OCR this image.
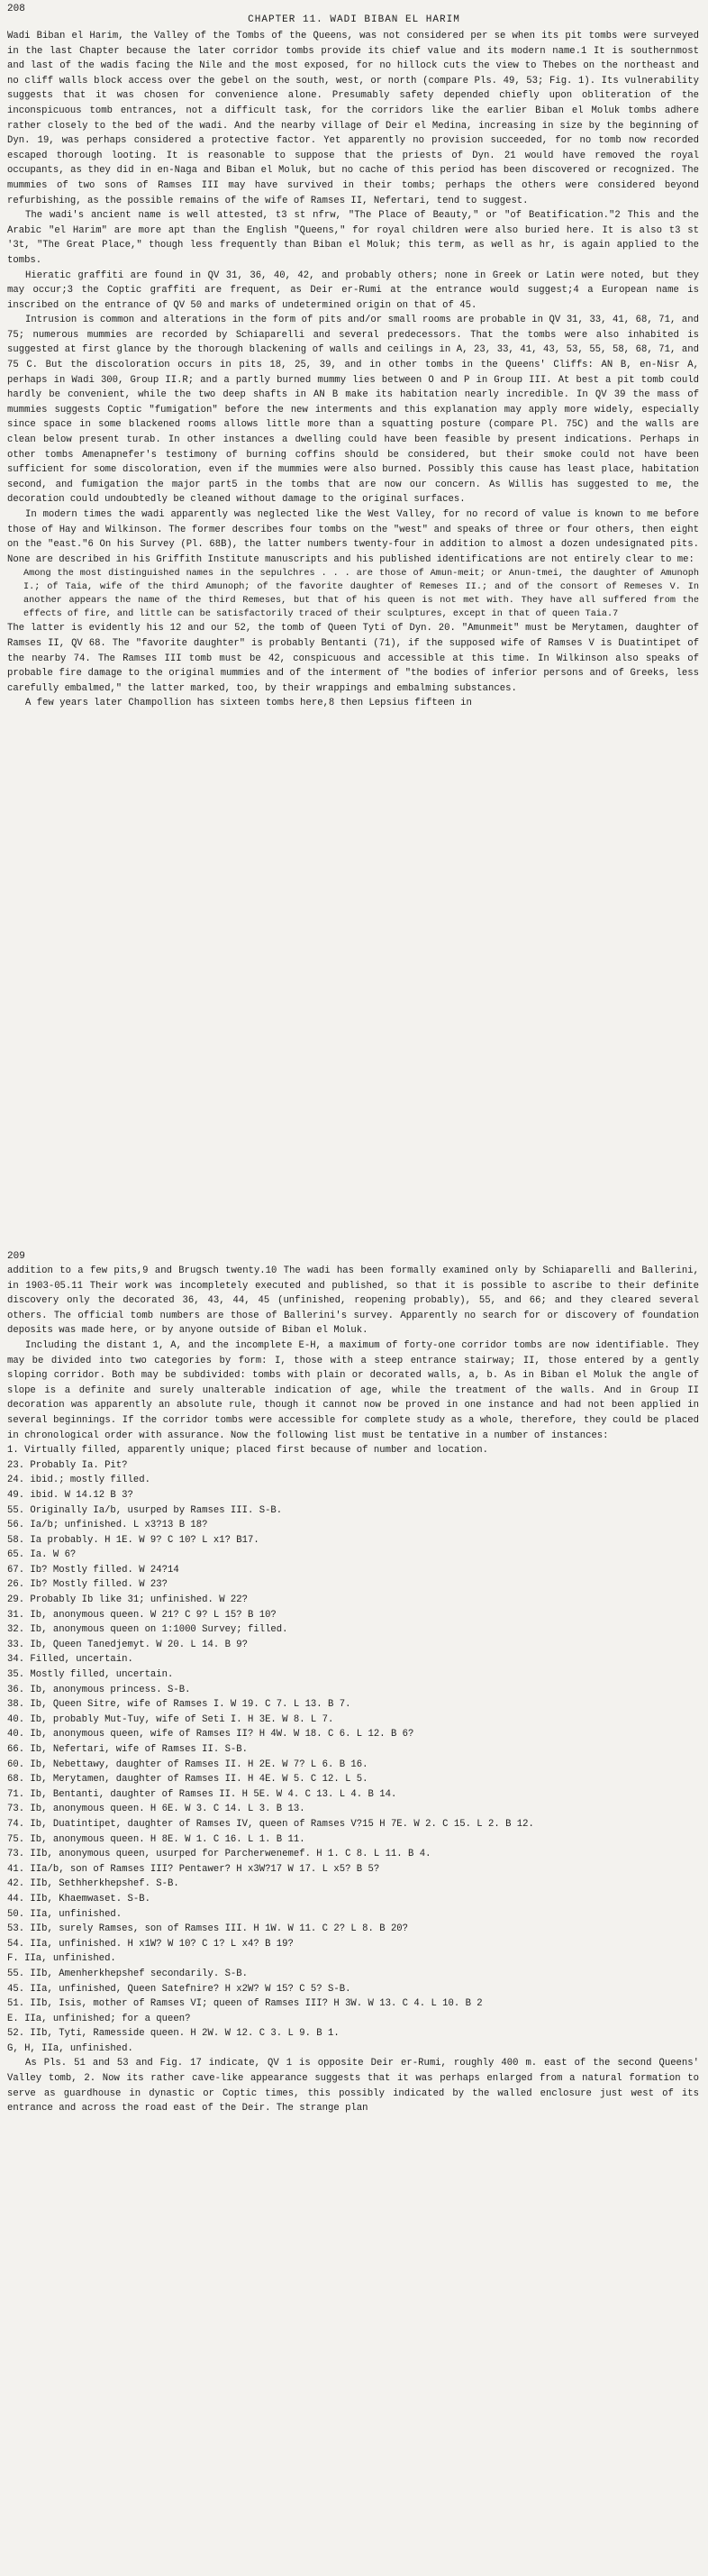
208
CHAPTER 11. WADI BIBAN EL HARIM

Wadi Biban el Harim, the Valley of the Tombs of the Queens, was not considered per se when its pit tombs were surveyed in the last Chapter because the later corridor tombs provide its chief value and its modern name.1 It is southernmost and last of the wadis facing the Nile and the most exposed, for no hillock cuts the view to Thebes on the northeast and no cliff walls block access over the gebel on the south, west, or north (compare Pls. 49, 53; Fig. 1). Its vulnerability suggests that it was chosen for convenience alone. Presumably safety depended chiefly upon obliteration of the inconspicuous tomb entrances, not a difficult task, for the corridors like the earlier Biban el Moluk tombs adhere rather closely to the bed of the wadi. And the nearby village of Deir el Medina, increasing in size by the beginning of Dyn. 19, was perhaps considered a protective factor. Yet apparently no provision succeeded, for no tomb now recorded escaped thorough looting. It is reasonable to suppose that the priests of Dyn. 21 would have removed the royal occupants, as they did in en-Naga and Biban el Moluk, but no cache of this period has been discovered or recognized. The mummies of two sons of Ramses III may have survived in their tombs; perhaps the others were considered beyond refurbishing, as the possible remains of the wife of Ramses II, Nefertari, tend to suggest.

The wadi's ancient name is well attested, t3 st nfrw, "The Place of Beauty," or "of Beatification."2 This and the Arabic "el Harim" are more apt than the English "Queens," for royal children were also buried here. It is also t3 st '3t, "The Great Place," though less frequently than Biban el Moluk; this term, as well as hr, is again applied to the tombs.

Hieratic graffiti are found in QV 31, 36, 40, 42, and probably others; none in Greek or Latin were noted, but they may occur;3 the Coptic graffiti are frequent, as Deir er-Rumi at the entrance would suggest;4 a European name is inscribed on the entrance of QV 50 and marks of undetermined origin on that of 45.

Intrusion is common and alterations in the form of pits and/or small rooms are probable in QV 31, 33, 41, 68, 71, and 75; numerous mummies are recorded by Schiaparelli and several predecessors. That the tombs were also inhabited is suggested at first glance by the thorough blackening of walls and ceilings in A, 23, 33, 41, 43, 53, 55, 58, 68, 71, and 75 C. But the discoloration occurs in pits 18, 25, 39, and in other tombs in the Queens' Cliffs: AN B, en-Nisr A, perhaps in Wadi 300, Group II.R; and a partly burned mummy lies between O and P in Group III. At best a pit tomb could hardly be convenient, while the two deep shafts in AN B make its habitation nearly incredible. In QV 39 the mass of mummies suggests Coptic "fumigation" before the new interments and this explanation may apply more widely, especially since space in some blackened rooms allows little more than a squatting posture (compare Pl. 75C) and the walls are clean below present turab. In other instances a dwelling could have been feasible by present indications. Perhaps in other tombs Amenapnefer's testimony of burning coffins should be considered, but their smoke could not have been sufficient for some discoloration, even if the mummies were also burned. Possibly this cause has least place, habitation second, and fumigation the major part5 in the tombs that are now our concern. As Willis has suggested to me, the decoration could undoubtedly be cleaned without damage to the original surfaces.

In modern times the wadi apparently was neglected like the West Valley, for no record of value is known to me before those of Hay and Wilkinson. The former describes four tombs on the "west" and speaks of three or four others, then eight on the "east."6 On his Survey (Pl. 68B), the latter numbers twenty-four in addition to almost a dozen undesignated pits. None are described in his Griffith Institute manuscripts and his published identifications are not entirely clear to me:

Among the most distinguished names in the sepulchres . . . are those of Amun-meit; or Anun-tmei, the daughter of Amunoph I.; of Taia, wife of the third Amunoph; of the favorite daughter of Remeses II.; and of the consort of Remeses V. In another appears the name of the third Remeses, but that of his queen is not met with. They have all suffered from the effects of fire, and little can be satisfactorily traced of their sculptures, except in that of queen Taia.7

The latter is evidently his 12 and our 52, the tomb of Queen Tyti of Dyn. 20. "Amunmeit" must be Merytamen, daughter of Ramses II, QV 68. The "favorite daughter" is probably Bentanti (71), if the supposed wife of Ramses V is Duatintipet of the nearby 74. The Ramses III tomb must be 42, conspicuous and accessible at this time. In Wilkinson also speaks of probable fire damage to the original mummies and of the interment of "the bodies of inferior persons and of Greeks, less carefully embalmed," the latter marked, too, by their wrappings and embalming substances.

A few years later Champollion has sixteen tombs here,8 then Lepsius fifteen in

209

addition to a few pits,9 and Brugsch twenty.10 The wadi has been formally examined only by Schiaparelli and Ballerini, in 1903-05.11 Their work was incompletely executed and published, so that it is possible to ascribe to their definite discovery only the decorated 36, 43, 44, 45 (unfinished, reopening probably), 55, and 66; and they cleared several others. The official tomb numbers are those of Ballerini's survey. Apparently no search for or discovery of foundation deposits was made here, or by anyone outside of Biban el Moluk.

Including the distant 1, A, and the incomplete E-H, a maximum of forty-one corridor tombs are now identifiable. They may be divided into two categories by form: I, those with a steep entrance stairway; II, those entered by a gently sloping corridor. Both may be subdivided: tombs with plain or decorated walls, a, b. As in Biban el Moluk the angle of slope is a definite and surely unalterable indication of age, while the treatment of the walls. And in Group II decoration was apparently an absolute rule, though it cannot now be proved in one instance and had not been applied in several beginnings. If the corridor tombs were accessible for complete study as a whole, therefore, they could be placed in chronological order with assurance. Now the following list must be tentative in a number of instances:

1. Virtually filled, apparently unique; placed first because of number and location.
23. Probably Ia. Pit?
24. ibid.; mostly filled.
49. ibid. W 14.12 B 3?
55. Originally Ia/b, usurped by Ramses III. S-B.
56. Ia/b; unfinished. L x3?13 B 18?
58. Ia probably. H 1E. W 9? C 10? L x1? B17.
65. Ia. W 6?
67. Ib? Mostly filled. W 24?14
26. Ib? Mostly filled. W 23?
29. Probably Ib like 31; unfinished. W 22?
31. Ib, anonymous queen. W 21? C 9? L 15? B 10?
32. Ib, anonymous queen on 1:1000 Survey; filled.
33. Ib, Queen Tanedjemyt. W 20. L 14. B 9?
34. Filled, uncertain.
35. Mostly filled, uncertain.
36. Ib, anonymous princess. S-B.
38. Ib, Queen Sitre, wife of Ramses I. W 19. C 7. L 13. B 7.
40. Ib, probably Mut-Tuy, wife of Seti I. H 3E. W 8. L 7.
40. Ib, anonymous queen, wife of Ramses II? H 4W. W 18. C 6. L 12. B 6?
66. Ib, Nefertari, wife of Ramses II. S-B.
60. Ib, Nebettawy, daughter of Ramses II. H 2E. W 7? L 6. B 16.
68. Ib, Merytamen, daughter of Ramses II. H 4E. W 5. C 12. L 5.
71. Ib, Bentanti, daughter of Ramses II. H 5E. W 4. C 13. L 4. B 14.
73. Ib, anonymous queen. H 6E. W 3. C 14. L 3. B 13.
74. Ib, Duatintipet, daughter of Ramses IV, queen of Ramses V?15 H 7E. W 2. C 15. L 2. B 12.
75. Ib, anonymous queen. H 8E. W 1. C 16. L 1. B 11.
73. IIb, anonymous queen, usurped for Parcherwenemef. H 1. C 8. L 11. B 4.
41. IIa/b, son of Ramses III? Pentawer? H x3W?17 W 17. L x5? B 5?
42. IIb, Sethherkhepshef. S-B.
44. IIb, Khaemwaset. S-B.
50. IIa, unfinished.
53. IIb, surely Ramses, son of Ramses III. H 1W. W 11. C 2? L 8. B 20?
54. IIa, unfinished. H x1W? W 10? C 1? L x4? B 19?
F. IIa, unfinished.
55. IIb, Amenherkhepshef secondarily. S-B.
45. IIa, unfinished, Queen Satefnire? H x2W? W 15? C 5? S-B.
51. IIb, Isis, mother of Ramses VI; queen of Ramses III? H 3W. W 13. C 4. L 10. B 2
E. IIa, unfinished; for a queen?
52. IIb, Tyti, Ramesside queen. H 2W. W 12. C 3. L 9. B 1.
G, H, IIa, unfinished.

As Pls. 51 and 53 and Fig. 17 indicate, QV 1 is opposite Deir er-Rumi, roughly 400 m. east of the second Queens' Valley tomb, 2. Now its rather cave-like appearance suggests that it was perhaps enlarged from a natural formation to serve as guardhouse in dynastic or Coptic times, this possibly indicated by the walled enclosure just west of its entrance and across the road east of the Deir. The strange plan
